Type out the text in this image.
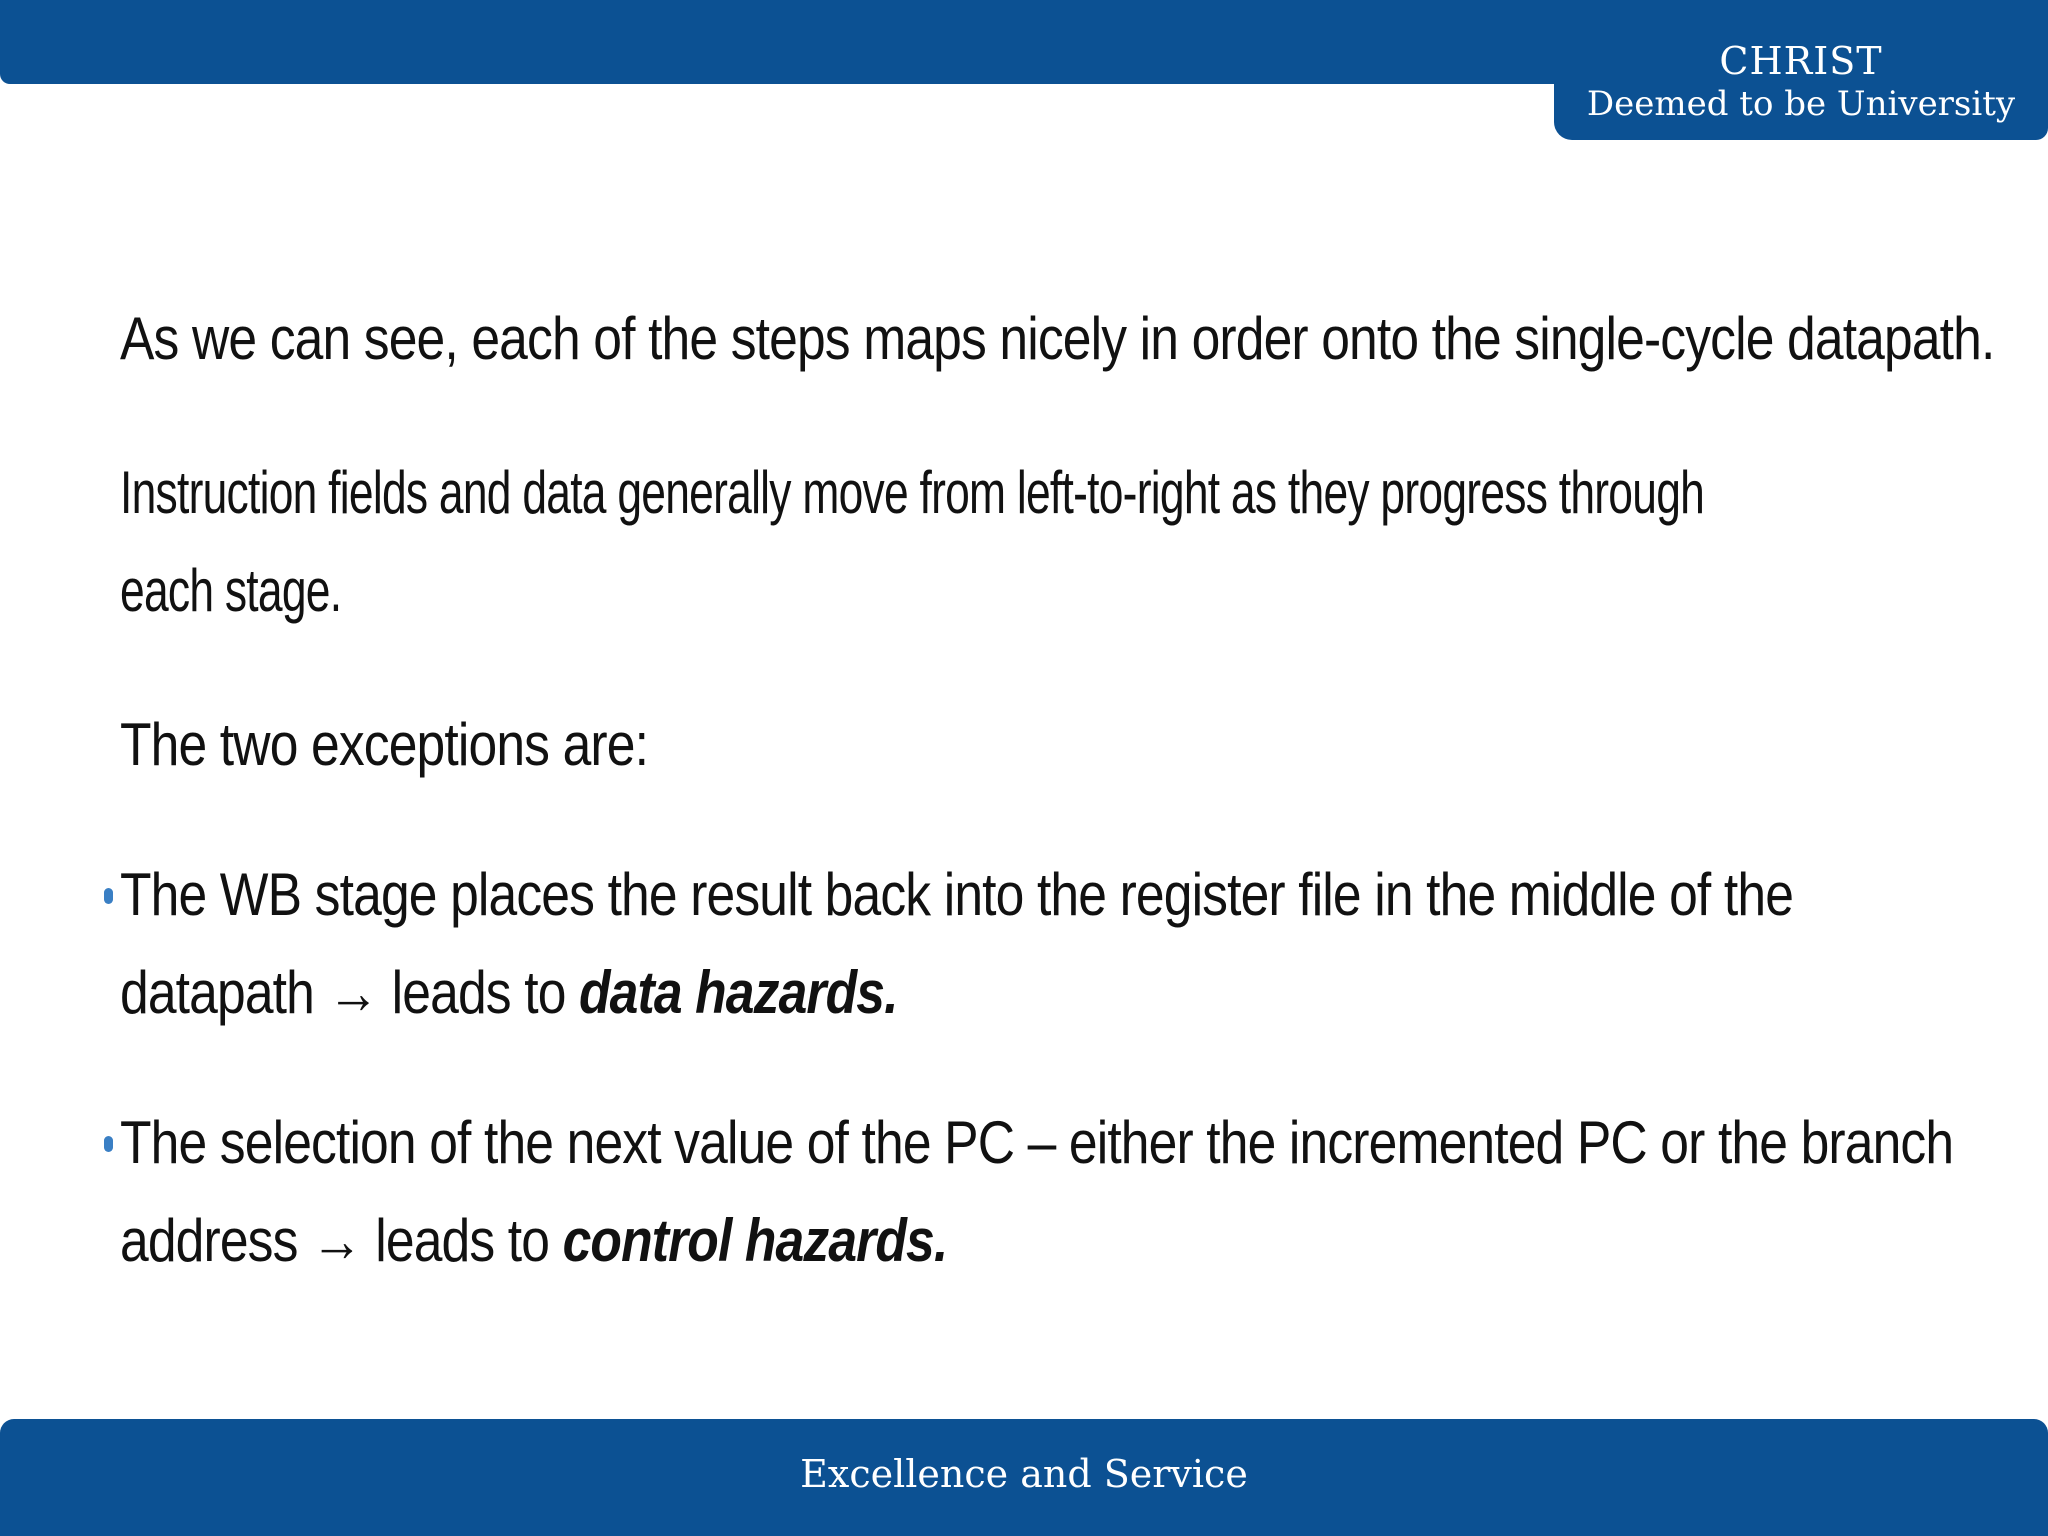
CHRIST
Deemed to be University

As we can see, each of the steps maps nicely in order onto the single-cycle datapath.

Instruction fields and data generally move from left-to-right as they progress through
each stage.

The two exceptions are:

The WB stage places the result back into the register file in the middle of the
datapath → leads to data hazards.

The selection of the next value of the PC – either the incremented PC or the branch
address → leads to control hazards.

Excellence and Service
